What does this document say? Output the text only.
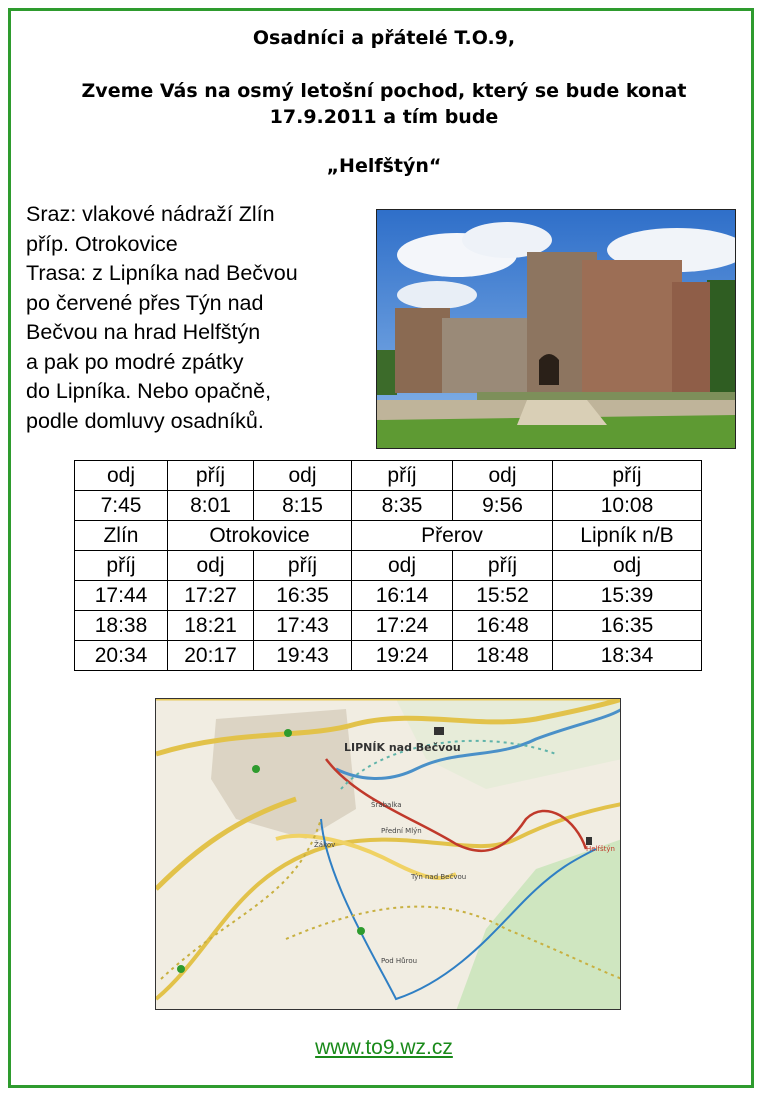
Osadníci a přátelé T.O.9,
Zveme Vás na osmý letošní pochod, který se bude konat
17.9.2011 a tím bude
„Helfštýn“
Sraz: vlakové nádraží Zlín
příp. Otrokovice
Trasa: z Lipníka nad Bečvou
po červené přes Týn nad
Bečvou na hrad Helfštýn
a pak po modré zpátky
do Lipníka. Nebo opačně,
podle domluvy osadníků.
odj	příj	odj	příj	odj	příj
7:45	8:01	8:15	8:35	9:56	10:08
Zlín	Otrokovice		Přerov		Lipník n/B
příj	odj	příj	odj	příj	odj
17:44	17:27	16:35	16:14	15:52	15:39
18:38	18:21	17:43	17:24	16:48	16:35
20:34	20:17	19:43	19:24	18:48	18:34
LIPNÍK nad Bečvou
Šrabalka
Přední Mlýn
Týn nad Bečvou
Pod Hůrou
Helfštýn
Žákov
www.to9.wz.cz
